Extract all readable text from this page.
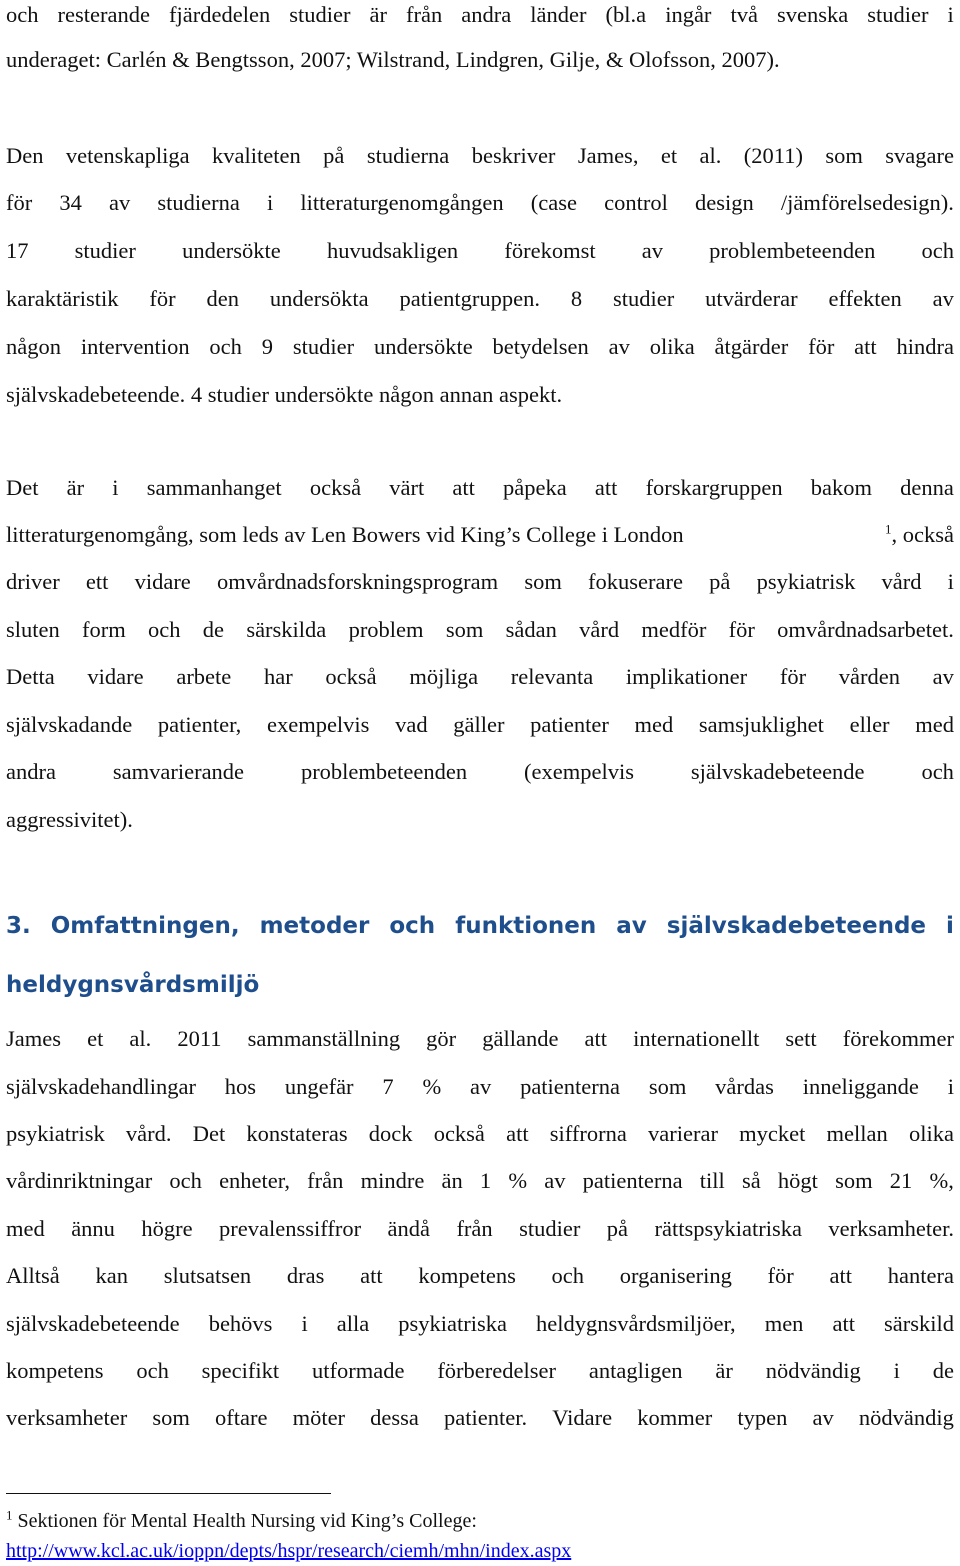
och resterande fjärdedelen studier är från andra länder (bl.a ingår två svenska studier i
underaget: Carlén & Bengtsson, 2007; Wilstrand, Lindgren, Gilje, & Olofsson, 2007).
Den vetenskapliga kvaliteten på studierna beskriver James, et al. (2011) som svagare
för 34 av studierna i litteraturgenomgången (case control design /jämförelsedesign).
17 studier undersökte huvudsakligen förekomst av problembeteenden och
karaktäristik för den undersökta patientgruppen. 8 studier utvärderar effekten av
någon intervention och 9 studier undersökte betydelsen av olika åtgärder för att hindra
självskadebeteende. 4 studier undersökte någon annan aspekt.
Det är i sammanhanget också värt att påpeka att forskargruppen bakom denna
litteraturgenomgång, som leds av Len Bowers vid King’s College i London	$^1$, också
driver ett vidare omvårdnadsforskningsprogram som fokuserare på psykiatrisk vård i
sluten form och de särskilda problem som sådan vård medför för omvårdnadsarbetet.
Detta vidare arbete har också möjliga relevanta implikationer för vården av
självskadande patienter, exempelvis vad gäller patienter med samsjuklighet eller med
andra	samvarierande	problembeteenden	(exempelvis	självskadebeteende	och
aggressivitet).
3. Omfattningen, metoder och funktionen av självskadebeteende i
heldygnsvårdsmiljö
James et al. 2011 sammanställning gör gällande att internationellt sett förekommer
självskadehandlingar hos ungefär 7 % av patienterna som vårdas inneliggande i
psykiatrisk vård. Det konstateras dock också att siffrorna varierar mycket mellan olika
vårdinriktningar och enheter, från mindre än 1 % av patienterna till så högt som 21 %,
med ännu högre prevalenssiffror ändå från studier på rättspsykiatriska verksamheter.
Alltså kan slutsatsen dras att kompetens och organisering för att hantera
självskadebeteende behövs i alla psykiatriska heldygnsvårdsmiljöer, men att särskild
kompetens och specifikt utformade förberedelser antagligen är nödvändig i de
verksamheter som oftare möter dessa patienter. Vidare kommer typen av nödvändig
$^1$ Sektionen för Mental Health Nursing vid King’s College:
http://www.kcl.ac.uk/ioppn/depts/hspr/research/ciemh/mhn/index.aspx
